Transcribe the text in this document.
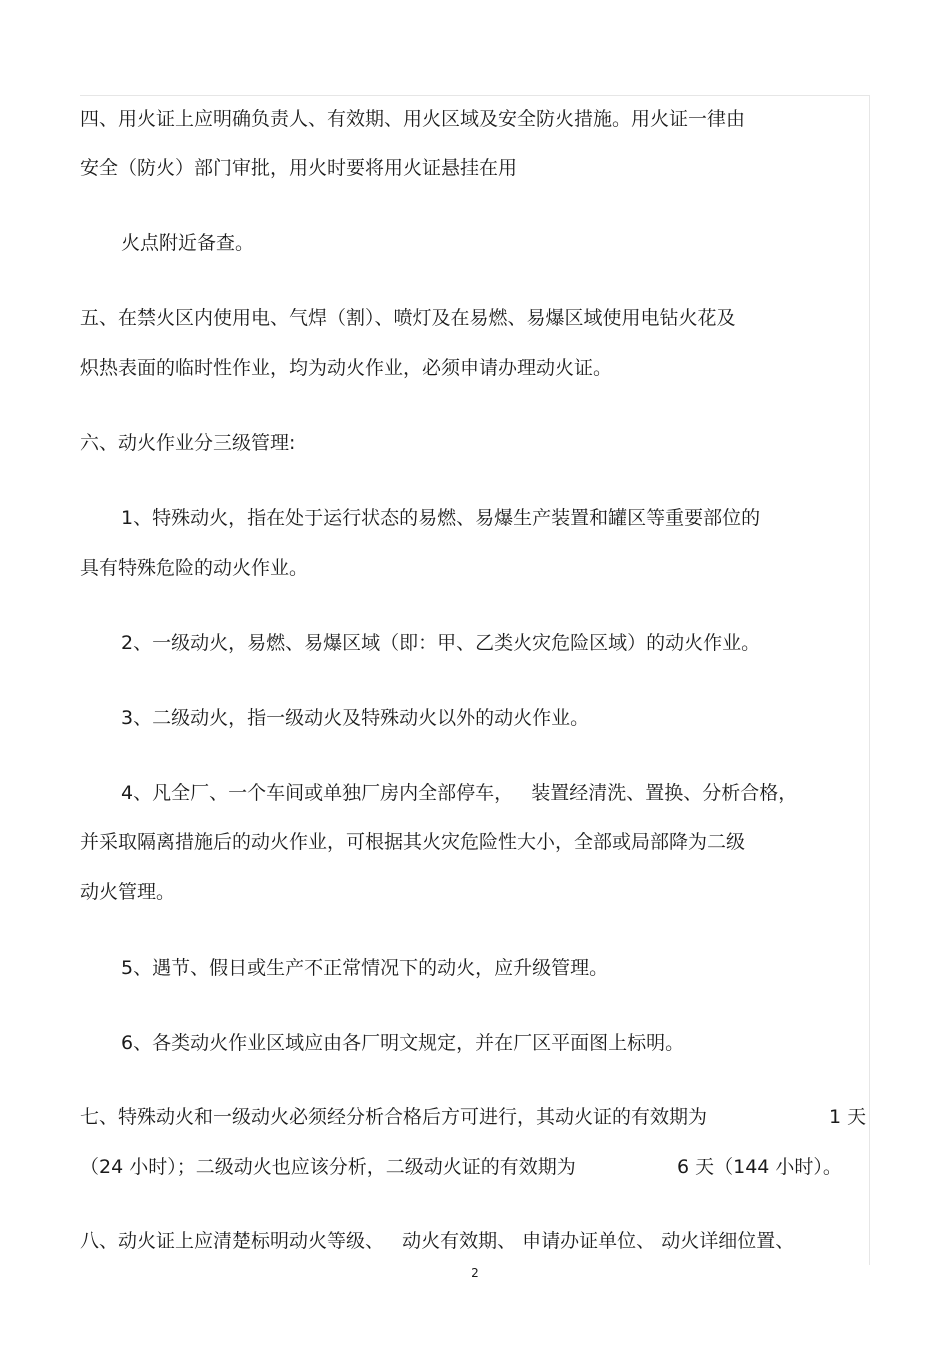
四、用火证上应明确负责人、有效期、用火区域及安全防火措施。用火证一律由
安全（防火）部门审批，用火时要将用火证悬挂在用
火点附近备查。
五、在禁火区内使用电、气焊（割）、喷灯及在易燃、易爆区域使用电钻火花及
炽热表面的临时性作业，均为动火作业，必须申请办理动火证。
六、动火作业分三级管理:
1、特殊动火，指在处于运行状态的易燃、易爆生产装置和罐区等重要部位的
具有特殊危险的动火作业。
2、一级动火，易燃、易爆区域（即：甲、乙类火灾危险区域）的动火作业。
3、二级动火，指一级动火及特殊动火以外的动火作业。
4、凡全厂、一个车间或单独厂房内全部停车，   装置经清洗、置换、分析合格，
并采取隔离措施后的动火作业，可根据其火灾危险性大小，全部或局部降为二级
动火管理。
5、遇节、假日或生产不正常情况下的动火，应升级管理。
6、各类动火作业区域应由各厂明文规定，并在厂区平面图上标明。
七、特殊动火和一级动火必须经分析合格后方可进行，其动火证的有效期为	1 天
（24 小时）；二级动火也应该分析，二级动火证的有效期为	6 天（144 小时）。
八、动火证上应清楚标明动火等级、   动火有效期、 申请办证单位、 动火详细位置、
2
